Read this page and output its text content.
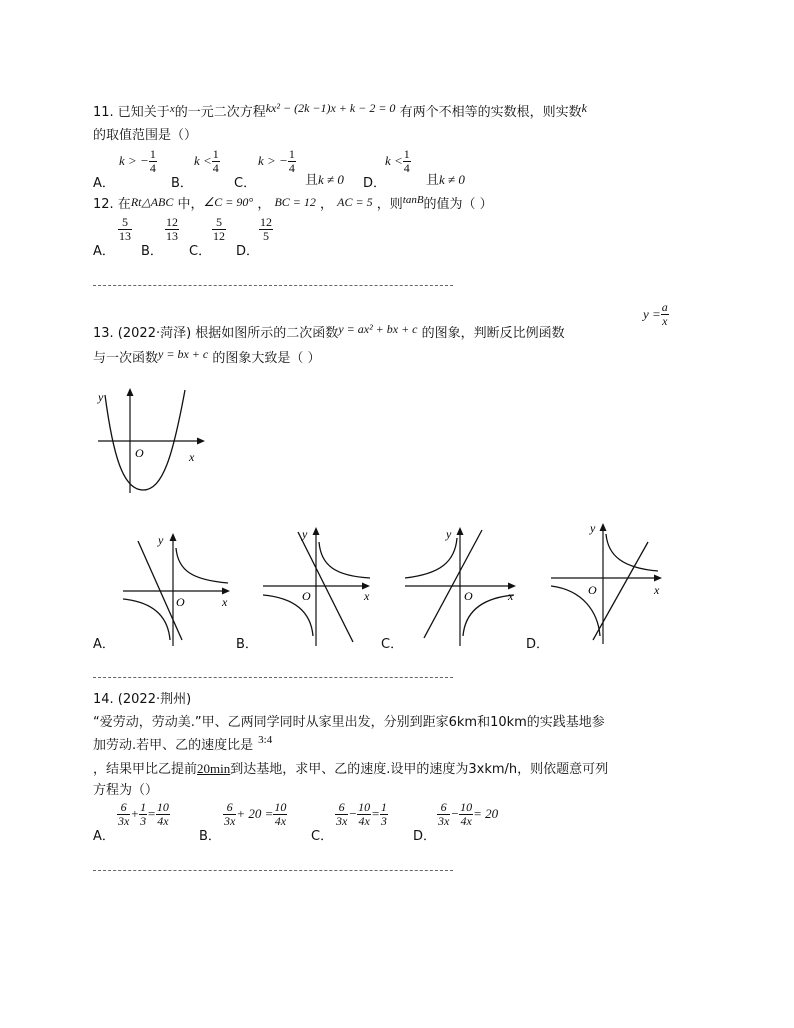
11. 已知关于$^x$的一元二次方程kx² − (2k −1)x + k − 2 = 0 有两个不相等的实数根，则实数k
的取值范围是（）
A．
k > − $\frac{1}{4}$
B．
$k < \frac{1}{4}$
C．
k > − $\frac{1}{4}$
且k ≠ 0 D．
$k < \frac{1}{4}$
且k ≠ 0
12. 在Rt△ABC 中，∠C = 90° ， BC = 12 ， AC = 5 ，则$^{tanB}$的值为（ ）
A．
$\frac{5}{13}$
B．
$\frac{12}{13}$
C．
$\frac{5}{12}$
D．
$\frac{12}{5}$
13. (2022·菏泽) 根据如图所示的二次函数y = ax² + bx + c 的图象，判断反比例函数
$y = \frac{a}{x}$
与一次函数y = bx + c 的图象大致是（ ）
y
x
O
y
x
O
A．
y
x
O
B．
y
x
O
C．
y
x
O
D．
14. (2022·荆州)
“爱劳动，劳动美.”甲、乙两同学同时从家里出发，分别到距家6km和10km的实践基地参
加劳动.若甲、乙的速度比是 $^{3:4}$
，结果甲比乙提前20min到达基地，求甲、乙的速度.设甲的速度为3xkm/h，则依题意可列
方程为（）
A．
$\frac{6}{3x} + \frac{1}{3} = \frac{10}{4x}$
B．
$\frac{6}{3x} + 20 = \frac{10}{4x}$
C．
$\frac{6}{3x} - \frac{10}{4x} = \frac{1}{3}$
D．
$\frac{6}{3x} - \frac{10}{4x} = 20$
